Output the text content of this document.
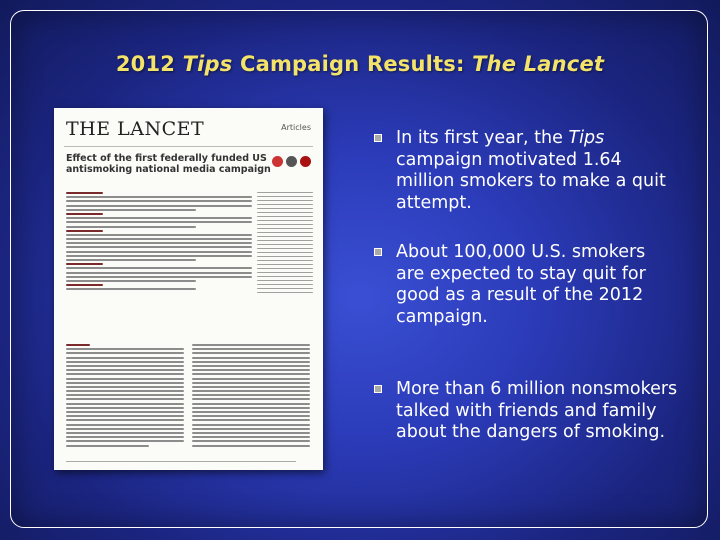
2012 Tips Campaign Results: The Lancet
THE LANCET	Articles
Effect of the first federally funded US antismoking national media campaign
In its first year, the Tips campaign motivated 1.64 million smokers to make a quit attempt.
About 100,000 U.S. smokers are expected to stay quit for good as a result of the 2012 campaign.
More than 6 million nonsmokers talked with friends and family about the dangers of smoking.
